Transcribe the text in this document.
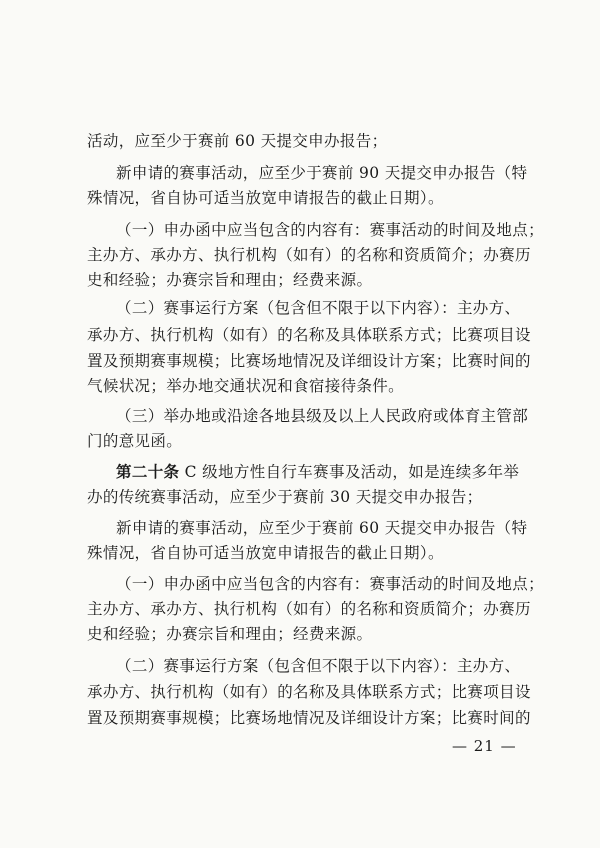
活动，应至少于赛前 60 天提交申办报告；
新申请的赛事活动，应至少于赛前 90 天提交申办报告（特
殊情况，省自协可适当放宽申请报告的截止日期）。
（一）申办函中应当包含的内容有：赛事活动的时间及地点；
主办方、承办方、执行机构（如有）的名称和资质简介；办赛历
史和经验；办赛宗旨和理由；经费来源。
（二）赛事运行方案（包含但不限于以下内容）：主办方、
承办方、执行机构（如有）的名称及具体联系方式；比赛项目设
置及预期赛事规模；比赛场地情况及详细设计方案；比赛时间的
气候状况；举办地交通状况和食宿接待条件。
（三）举办地或沿途各地县级及以上人民政府或体育主管部
门的意见函。
第二十条 C 级地方性自行车赛事及活动，如是连续多年举
办的传统赛事活动，应至少于赛前 30 天提交申办报告；
新申请的赛事活动，应至少于赛前 60 天提交申办报告（特
殊情况，省自协可适当放宽申请报告的截止日期）。
（一）申办函中应当包含的内容有：赛事活动的时间及地点；
主办方、承办方、执行机构（如有）的名称和资质简介；办赛历
史和经验；办赛宗旨和理由；经费来源。
（二）赛事运行方案（包含但不限于以下内容）：主办方、
承办方、执行机构（如有）的名称及具体联系方式；比赛项目设
置及预期赛事规模；比赛场地情况及详细设计方案；比赛时间的
— 21 —
